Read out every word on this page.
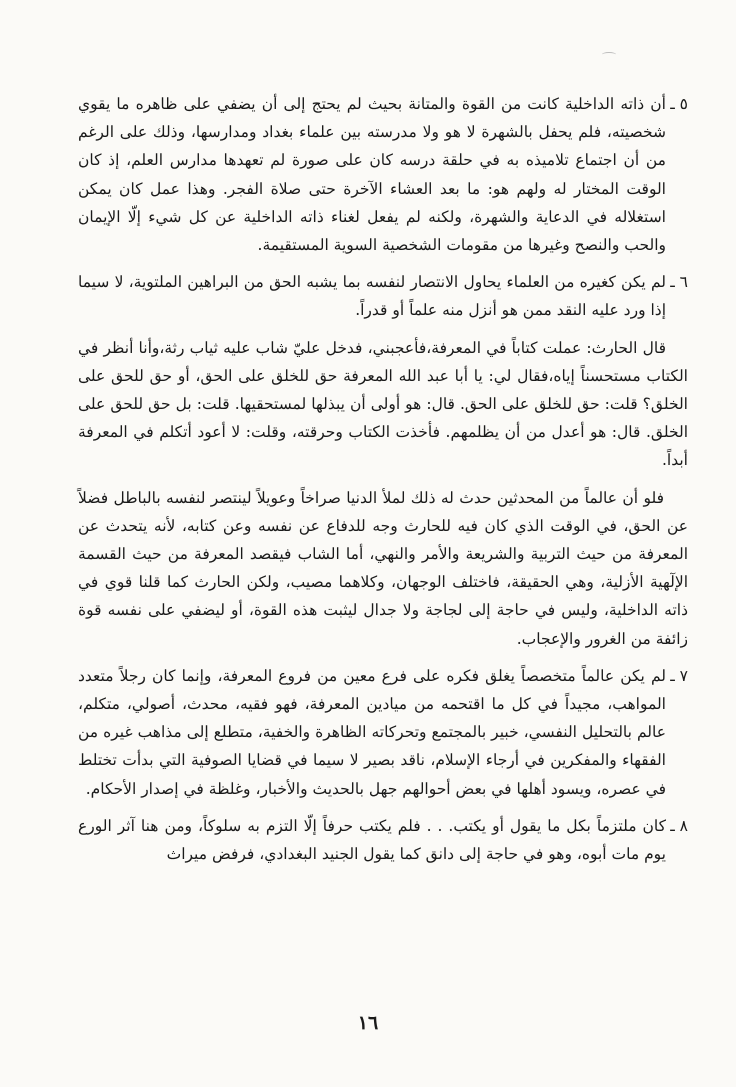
٥ ـ
أن ذاته الداخلية كانت من القوة والمتانة بحيث لم يحتج إلى أن يضفي على ظاهره ما يقوي شخصيته، فلم يحفل بالشهرة لا هو ولا مدرسته بين علماء بغداد ومدارسها، وذلك على الرغم من أن اجتماع تلاميذه به في حلقة درسه كان على صورة لم تعهدها مدارس العلم، إذ كان الوقت المختار له ولهم هو: ما بعد العشاء الآخرة حتى صلاة الفجر. وهذا عمل كان يمكن استغلاله في الدعاية والشهرة، ولكنه لم يفعل لغناء ذاته الداخلية عن كل شيء إلّا الإيمان والحب والنصح وغيرها من مقومات الشخصية السوية المستقيمة.

٦ ـ
لم يكن كغيره من العلماء يحاول الانتصار لنفسه بما يشبه الحق من البراهين الملتوية، لا سيما إذا ورد عليه النقد ممن هو أنزل منه علماً أو قدراً.

قال الحارث: عملت كتاباً في المعرفة،فأعجبني، فدخل عليّ شاب عليه ثياب رثة،وأنا أنظر في الكتاب مستحسناً إياه،فقال لي: يا أبا عبد الله المعرفة حق للخلق على الحق، أو حق للحق على الخلق؟ قلت: حق للخلق على الحق. قال: هو أولى أن يبذلها لمستحقيها. قلت: بل حق للحق على الخلق. قال: هو أعدل من أن يظلمهم. فأخذت الكتاب وحرقته، وقلت: لا أعود أتكلم في المعرفة أبداً.

فلو أن عالماً من المحدثين حدث له ذلك لملأ الدنيا صراخاً وعويلاً لينتصر لنفسه بالباطل فضلاً عن الحق، في الوقت الذي كان فيه للحارث وجه للدفاع عن نفسه وعن كتابه، لأنه يتحدث عن المعرفة من حيث التربية والشريعة والأمر والنهي، أما الشاب فيقصد المعرفة من حيث القسمة الإلٓهية الأزلية، وهي الحقيقة، فاختلف الوجهان، وكلاهما مصيب، ولكن الحارث كما قلنا قوي في ذاته الداخلية، وليس في حاجة إلى لجاجة ولا جدال ليثبت هذه القوة، أو ليضفي على نفسه قوة زائفة من الغرور والإعجاب.

٧ ـ
لم يكن عالماً متخصصاً يغلق فكره على فرع معين من فروع المعرفة، وإنما كان رجلاً متعدد المواهب، مجيداً في كل ما اقتحمه من ميادين المعرفة، فهو فقيه، محدث، أصولي، متكلم، عالم بالتحليل النفسي، خبير بالمجتمع وتحركاته الظاهرة والخفية، متطلع إلى مذاهب غيره من الفقهاء والمفكرين في أرجاء الإسلام، ناقد بصير لا سيما في قضايا الصوفية التي بدأت تختلط في عصره، ويسود أهلها في بعض أحوالهم جهل بالحديث والأخبار، وغلظة في إصدار الأحكام.

٨ ـ
كان ملتزماً بكل ما يقول أو يكتب. . . فلم يكتب حرفاً إلّا التزم به سلوكاً، ومن هنا آثر الورع يوم مات أبوه، وهو في حاجة إلى دانق كما يقول الجنيد البغدادي، فرفض ميراث

١٦
